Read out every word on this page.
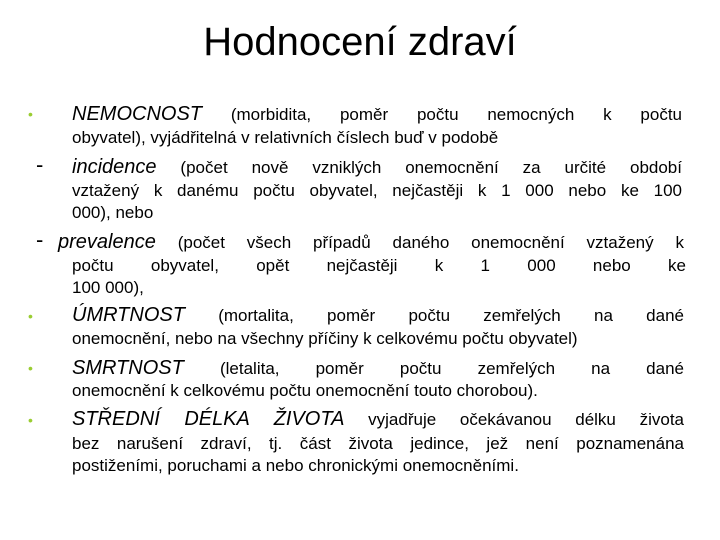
Hodnocení zdraví
• NEMOCNOST (morbidita, poměr počtu nemocných k počtu
obyvatel), vyjádřitelná v relativních číslech buď v podobě
- incidence (počet nově vzniklých onemocnění za určité období
vztažený k danému počtu obyvatel, nejčastěji k 1 000 nebo ke 100
000), nebo
- prevalence (počet všech případů daného onemocnění vztažený k
počtu obyvatel, opět nejčastěji k 1 000 nebo ke
100 000),
• ÚMRTNOST (mortalita, poměr počtu zemřelých na dané
onemocnění, nebo na všechny příčiny k celkovému počtu obyvatel)
• SMRTNOST (letalita, poměr počtu zemřelých na dané
onemocnění k celkovému počtu onemocnění touto chorobou).
• STŘEDNÍ DÉLKA ŽIVOTA vyjadřuje očekávanou délku života
bez narušení zdraví, tj. část života jedince, jež není poznamenána
postiženími, poruchami a nebo chronickými onemocněními.
